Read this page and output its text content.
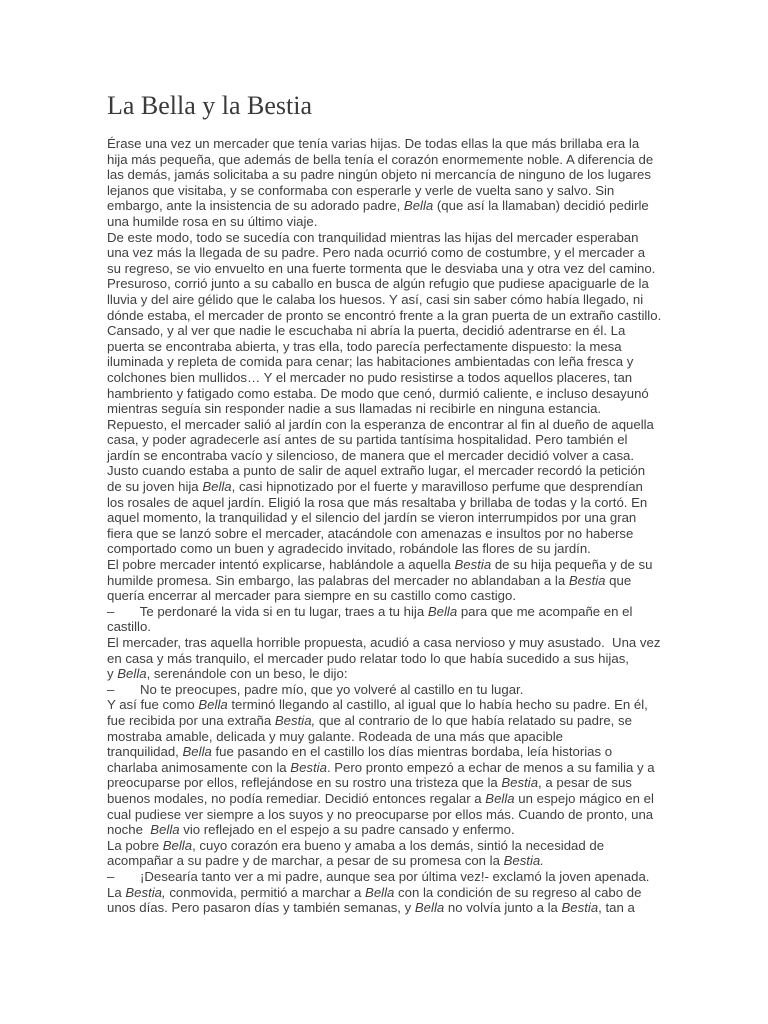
La Bella y la Bestia
Érase una vez un mercader que tenía varias hijas. De todas ellas la que más brillaba era la
hija más pequeña, que además de bella tenía el corazón enormemente noble. A diferencia de
las demás, jamás solicitaba a su padre ningún objeto ni mercancía de ninguno de los lugares
lejanos que visitaba, y se conformaba con esperarle y verle de vuelta sano y salvo. Sin
embargo, ante la insistencia de su adorado padre, Bella (que así la llamaban) decidió pedirle
una humilde rosa en su último viaje.
De este modo, todo se sucedía con tranquilidad mientras las hijas del mercader esperaban
una vez más la llegada de su padre. Pero nada ocurrió como de costumbre, y el mercader a
su regreso, se vio envuelto en una fuerte tormenta que le desviaba una y otra vez del camino.
Presuroso, corrió junto a su caballo en busca de algún refugio que pudiese apaciguarle de la
lluvia y del aire gélido que le calaba los huesos. Y así, casi sin saber cómo había llegado, ni
dónde estaba, el mercader de pronto se encontró frente a la gran puerta de un extraño castillo.
Cansado, y al ver que nadie le escuchaba ni abría la puerta, decidió adentrarse en él. La
puerta se encontraba abierta, y tras ella, todo parecía perfectamente dispuesto: la mesa
iluminada y repleta de comida para cenar; las habitaciones ambientadas con leña fresca y
colchones bien mullidos… Y el mercader no pudo resistirse a todos aquellos placeres, tan
hambriento y fatigado como estaba. De modo que cenó, durmió caliente, e incluso desayunó
mientras seguía sin responder nadie a sus llamadas ni recibirle en ninguna estancia.
Repuesto, el mercader salió al jardín con la esperanza de encontrar al fin al dueño de aquella
casa, y poder agradecerle así antes de su partida tantísima hospitalidad. Pero también el
jardín se encontraba vacío y silencioso, de manera que el mercader decidió volver a casa.
Justo cuando estaba a punto de salir de aquel extraño lugar, el mercader recordó la petición
de su joven hija Bella, casi hipnotizado por el fuerte y maravilloso perfume que desprendían
los rosales de aquel jardín. Eligió la rosa que más resaltaba y brillaba de todas y la cortó. En
aquel momento, la tranquilidad y el silencio del jardín se vieron interrumpidos por una gran
fiera que se lanzó sobre el mercader, atacándole con amenazas e insultos por no haberse
comportado como un buen y agradecido invitado, robándole las flores de su jardín.
El pobre mercader intentó explicarse, hablándole a aquella Bestia de su hija pequeña y de su
humilde promesa. Sin embargo, las palabras del mercader no ablandaban a la Bestia que
quería encerrar al mercader para siempre en su castillo como castigo.
–       Te perdonaré la vida si en tu lugar, traes a tu hija Bella para que me acompañe en el
castillo.
El mercader, tras aquella horrible propuesta, acudió a casa nervioso y muy asustado.  Una vez
en casa y más tranquilo, el mercader pudo relatar todo lo que había sucedido a sus hijas,
y Bella, serenándole con un beso, le dijo:
–       No te preocupes, padre mío, que yo volveré al castillo en tu lugar.
Y así fue como Bella terminó llegando al castillo, al igual que lo había hecho su padre. En él,
fue recibida por una extraña Bestia, que al contrario de lo que había relatado su padre, se
mostraba amable, delicada y muy galante. Rodeada de una más que apacible
tranquilidad, Bella fue pasando en el castillo los días mientras bordaba, leía historias o
charlaba animosamente con la Bestia. Pero pronto empezó a echar de menos a su familia y a
preocuparse por ellos, reflejándose en su rostro una tristeza que la Bestia, a pesar de sus
buenos modales, no podía remediar. Decidió entonces regalar a Bella un espejo mágico en el
cual pudiese ver siempre a los suyos y no preocuparse por ellos más. Cuando de pronto, una
noche  Bella vio reflejado en el espejo a su padre cansado y enfermo.
La pobre Bella, cuyo corazón era bueno y amaba a los demás, sintió la necesidad de
acompañar a su padre y de marchar, a pesar de su promesa con la Bestia.
–       ¡Desearía tanto ver a mi padre, aunque sea por última vez!- exclamó la joven apenada.
La Bestia, conmovida, permitió a marchar a Bella con la condición de su regreso al cabo de
unos días. Pero pasaron días y también semanas, y Bella no volvía junto a la Bestia, tan a
